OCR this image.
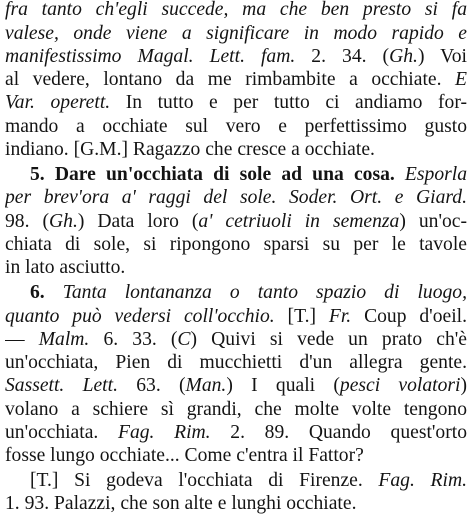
fra tanto ch'egli succede, ma che ben presto si fa
valese, onde viene a significare in modo rapido e
manifestissimo Magal. Lett. fam. 2. 34. (Gh.) Voi
al vedere, lontano da me rimbambite a occhiate. E
Var. operett. In tutto e per tutto ci andiamo for-
mando a occhiate sul vero e perfettissimo gusto
indiano. [G.M.] Ragazzo che cresce a occhiate.
5. Dare un'occhiata di sole ad una cosa. Esporla
per brev'ora a' raggi del sole. Soder. Ort. e Giard.
98. (Gh.) Data loro (a' cetriuoli in semenza) un'oc-
chiata di sole, si ripongono sparsi su per le tavole
in lato asciutto.
6. Tanta lontananza o tanto spazio di luogo,
quanto può vedersi coll'occhio. [T.] Fr. Coup d'oeil.
— Malm. 6. 33. (C) Quivi si vede un prato ch'è
un'occhiata, Pien di mucchietti d'un allegra gente.
Sassett. Lett. 63. (Man.) I quali (pesci volatori)
volano a schiere sì grandi, che molte volte tengono
un'occhiata. Fag. Rim. 2. 89. Quando quest'orto
fosse lungo occhiate... Come c'entra il Fattor?
[T.] Si godeva l'occhiata di Firenze. Fag. Rim.
1. 93. Palazzi, che son alte e lunghi occhiate.
